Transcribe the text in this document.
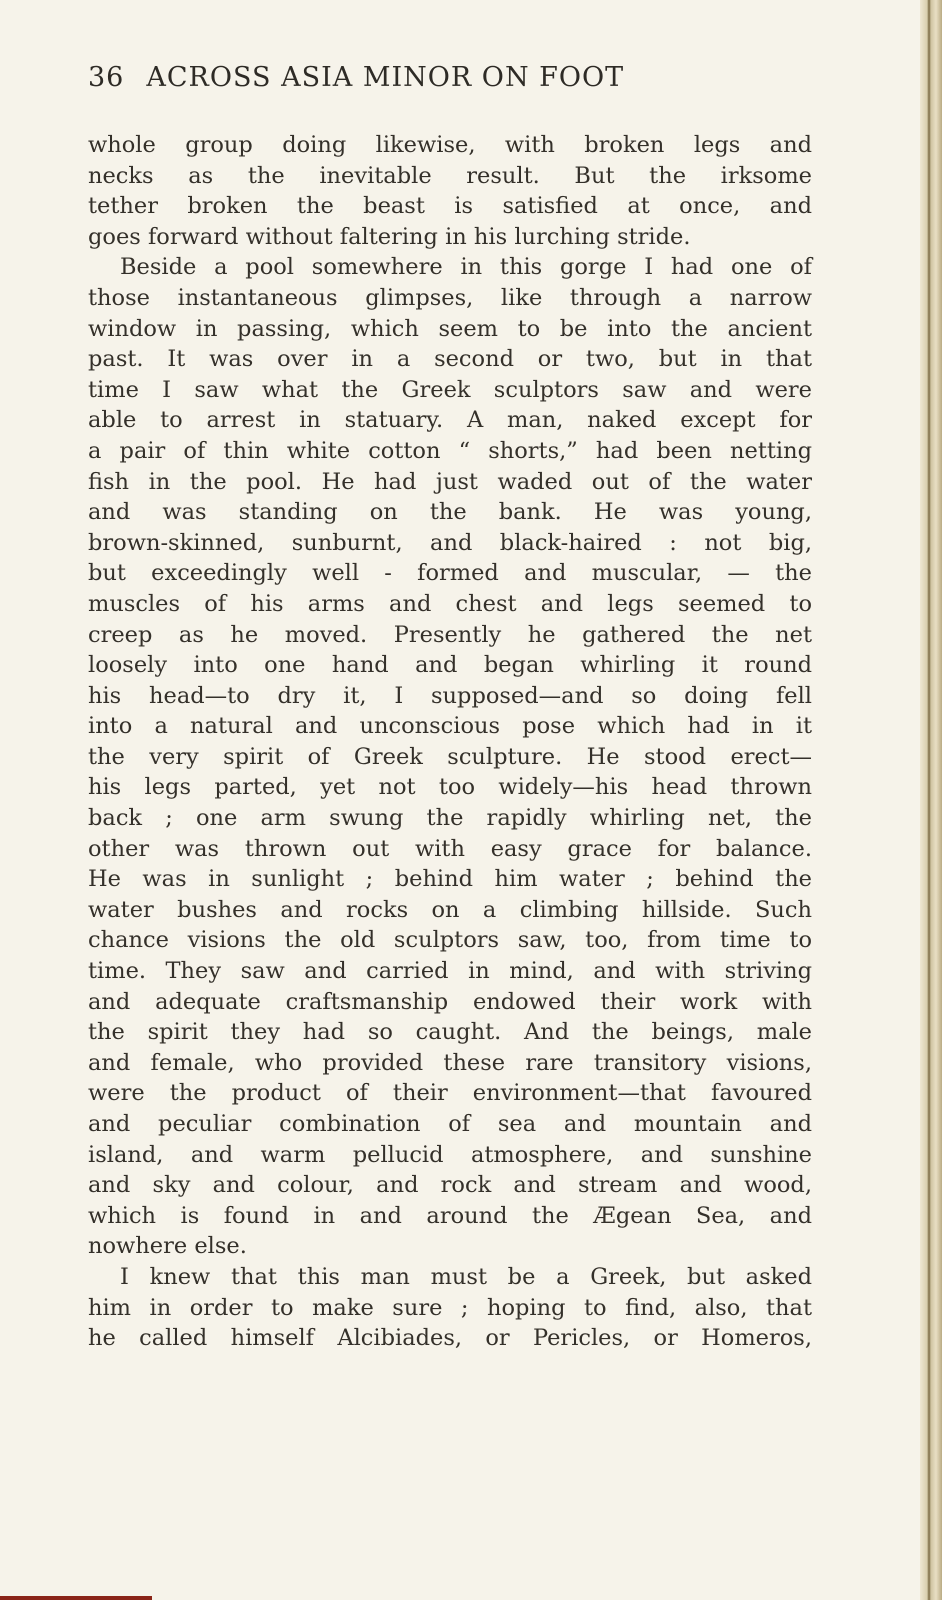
36 ACROSS ASIA MINOR ON FOOT
whole group doing likewise, with broken legs and
necks as the inevitable result. But the irksome
tether broken the beast is satisfied at once, and
goes forward without faltering in his lurching stride.
Beside a pool somewhere in this gorge I had one of
those instantaneous glimpses, like through a narrow
window in passing, which seem to be into the ancient
past. It was over in a second or two, but in that
time I saw what the Greek sculptors saw and were
able to arrest in statuary. A man, naked except for
a pair of thin white cotton “ shorts,” had been netting
fish in the pool. He had just waded out of the water
and was standing on the bank. He was young,
brown-skinned, sunburnt, and black-haired : not big,
but exceedingly well - formed and muscular, — the
muscles of his arms and chest and legs seemed to
creep as he moved. Presently he gathered the net
loosely into one hand and began whirling it round
his head—to dry it, I supposed—and so doing fell
into a natural and unconscious pose which had in it
the very spirit of Greek sculpture. He stood erect—
his legs parted, yet not too widely—his head thrown
back ; one arm swung the rapidly whirling net, the
other was thrown out with easy grace for balance.
He was in sunlight ; behind him water ; behind the
water bushes and rocks on a climbing hillside. Such
chance visions the old sculptors saw, too, from time to
time. They saw and carried in mind, and with striving
and adequate craftsmanship endowed their work with
the spirit they had so caught. And the beings, male
and female, who provided these rare transitory visions,
were the product of their environment—that favoured
and peculiar combination of sea and mountain and
island, and warm pellucid atmosphere, and sunshine
and sky and colour, and rock and stream and wood,
which is found in and around the Ægean Sea, and
nowhere else.
I knew that this man must be a Greek, but asked
him in order to make sure ; hoping to find, also, that
he called himself Alcibiades, or Pericles, or Homeros,
